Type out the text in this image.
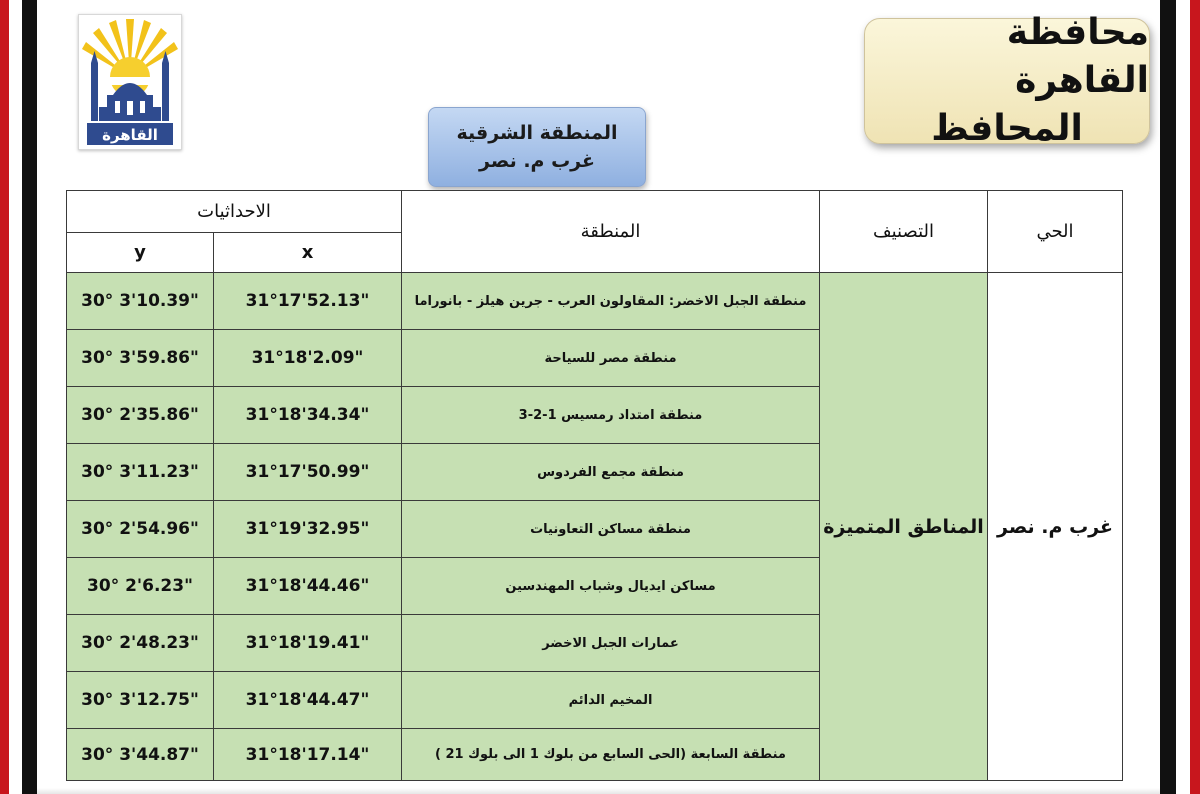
القاهرة
محافظة القاهرة
المحافظ
المنطقة الشرقية
غرب م. نصر
الاحداثيات		المنطقة	التصنيف	الحي
y	x			
30° 3'10.39"	31°17'52.13"	منطقة الجبل الاخضر: المقاولون العرب - جرين هيلز - بانوراما	المناطق المتميزة	غرب م. نصر
30° 3'59.86"	31°18'2.09"	منطقة مصر للسياحة		
30° 2'35.86"	31°18'34.34"	منطقة امتداد رمسيس 1-2-3		
30° 3'11.23"	31°17'50.99"	منطقة مجمع الفردوس		
30° 2'54.96"	31°19'32.95"	منطقة مساكن التعاونيات		
30° 2'6.23"	31°18'44.46"	مساكن ايديال وشباب المهندسين		
30° 2'48.23"	31°18'19.41"	عمارات الجبل الاخضر		
30° 3'12.75"	31°18'44.47"	المخيم الدائم		
30° 3'44.87"	31°18'17.14"	منطقة السابعة (الحى السابع من بلوك 1 الى بلوك 21 )		
